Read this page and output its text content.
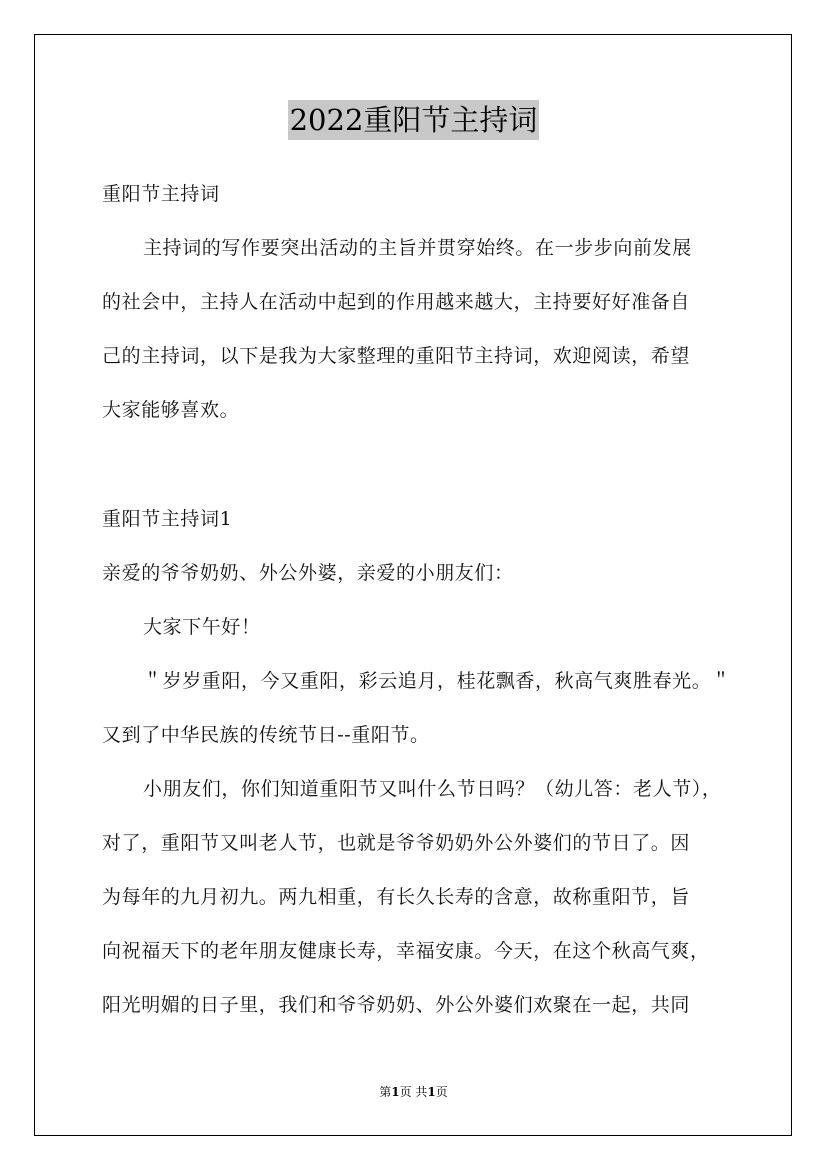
2022重阳节主持词
重阳节主持词
主持词的写作要突出活动的主旨并贯穿始终。在一步步向前发展
的社会中，主持人在活动中起到的作用越来越大，主持要好好准备自
己的主持词，以下是我为大家整理的重阳节主持词，欢迎阅读，希望
大家能够喜欢。
重阳节主持词1
亲爱的爷爷奶奶、外公外婆，亲爱的小朋友们：
大家下午好！
＂岁岁重阳，今又重阳，彩云追月，桂花飘香，秋高气爽胜春光。＂
又到了中华民族的传统节日--重阳节。
小朋友们，你们知道重阳节又叫什么节日吗？（幼儿答：老人节），
对了，重阳节又叫老人节，也就是爷爷奶奶外公外婆们的节日了。因
为每年的九月初九。两九相重，有长久长寿的含意，故称重阳节，旨
向祝福天下的老年朋友健康长寿，幸福安康。今天，在这个秋高气爽，
阳光明媚的日子里，我们和爷爷奶奶、外公外婆们欢聚在一起，共同
第1页 共1页
